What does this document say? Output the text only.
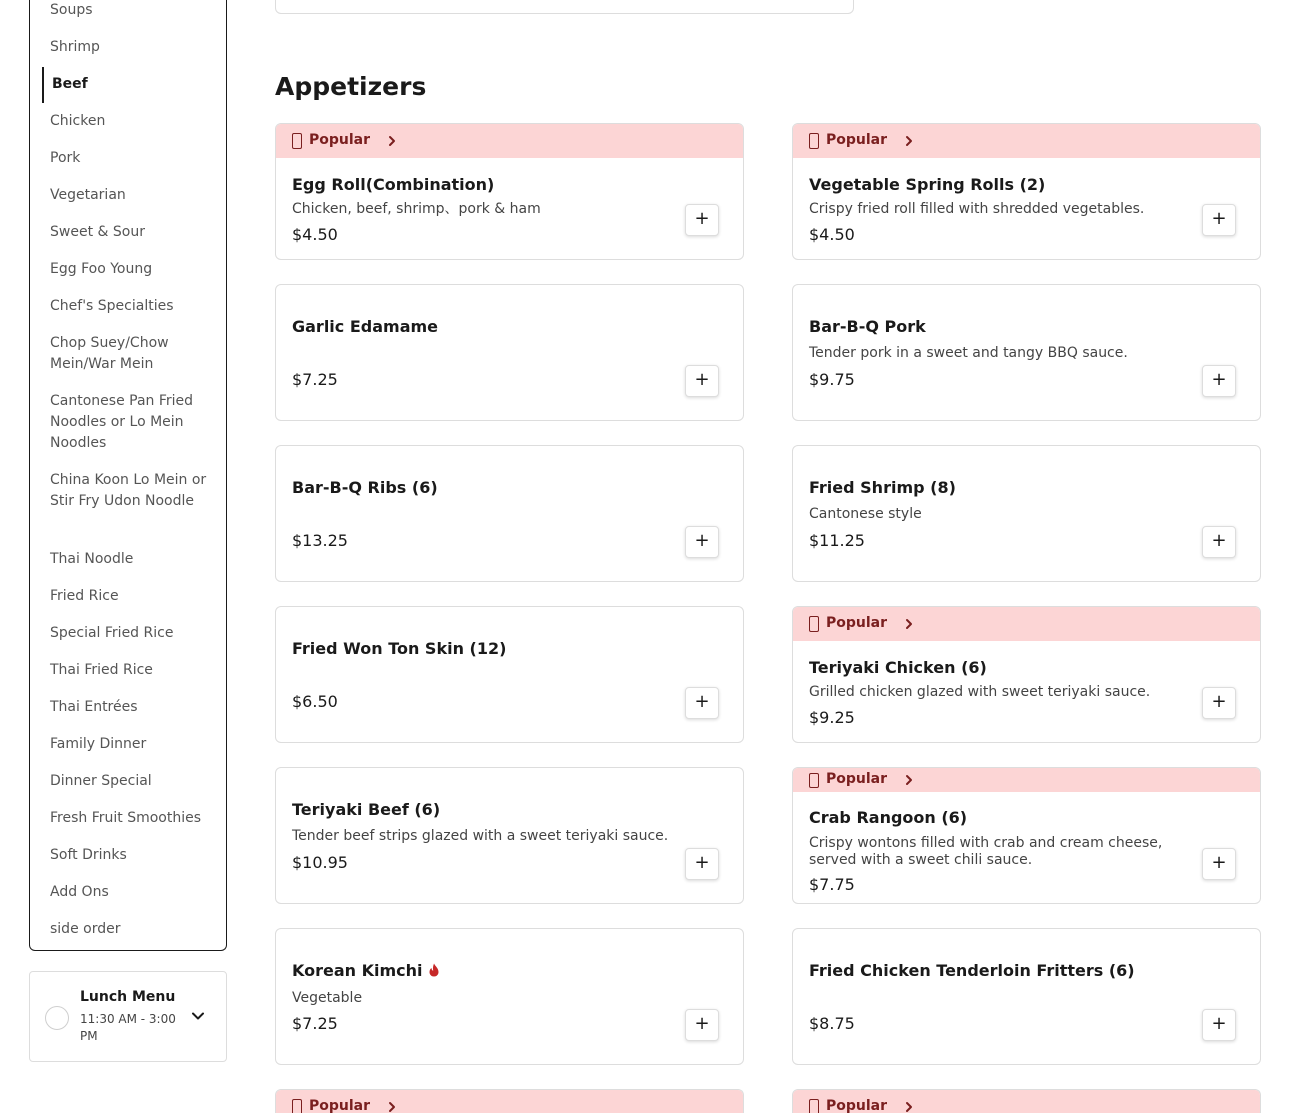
Soups
Shrimp
Beef
Chicken
Pork
Vegetarian
Sweet & Sour
Egg Foo Young
Chef's Specialties
Chop Suey/Chow Mein/War Mein
Cantonese Pan Fried Noodles or Lo Mein Noodles
China Koon Lo Mein or Stir Fry Udon Noodle
Thai Noodle
Fried Rice
Special Fried Rice
Thai Fried Rice
Thai Entrées
Family Dinner
Dinner Special
Fresh Fruit Smoothies
Soft Drinks
Add Ons
side order
Lunch Menu
11:30 AM - 3:00 PM
Appetizers
Popular
Egg Roll(Combination)
Chicken, beef, shrimp、pork & ham
$4.50
+
Popular
Vegetable Spring Rolls (2)
Crispy fried roll filled with shredded vegetables.
$4.50
+
Garlic Edamame
$7.25	+
Bar-B-Q Pork
Tender pork in a sweet and tangy BBQ sauce.
$9.75	+
Bar-B-Q Ribs (6)
$13.25	+
Fried Shrimp (8)
Cantonese style
$11.25	+
Fried Won Ton Skin (12)
$6.50	+
Popular
Teriyaki Chicken (6)
Grilled chicken glazed with sweet teriyaki sauce.
$9.25
+
Teriyaki Beef (6)
Tender beef strips glazed with a sweet teriyaki sauce.
$10.95	+
Popular
Crab Rangoon (6)
Crispy wontons filled with crab and cream cheese, served with a sweet chili sauce.
$7.75
+
Korean Kimchi
Vegetable
$7.25	+
Fried Chicken Tenderloin Fritters (6)
$8.75	+
Popular	Popular
